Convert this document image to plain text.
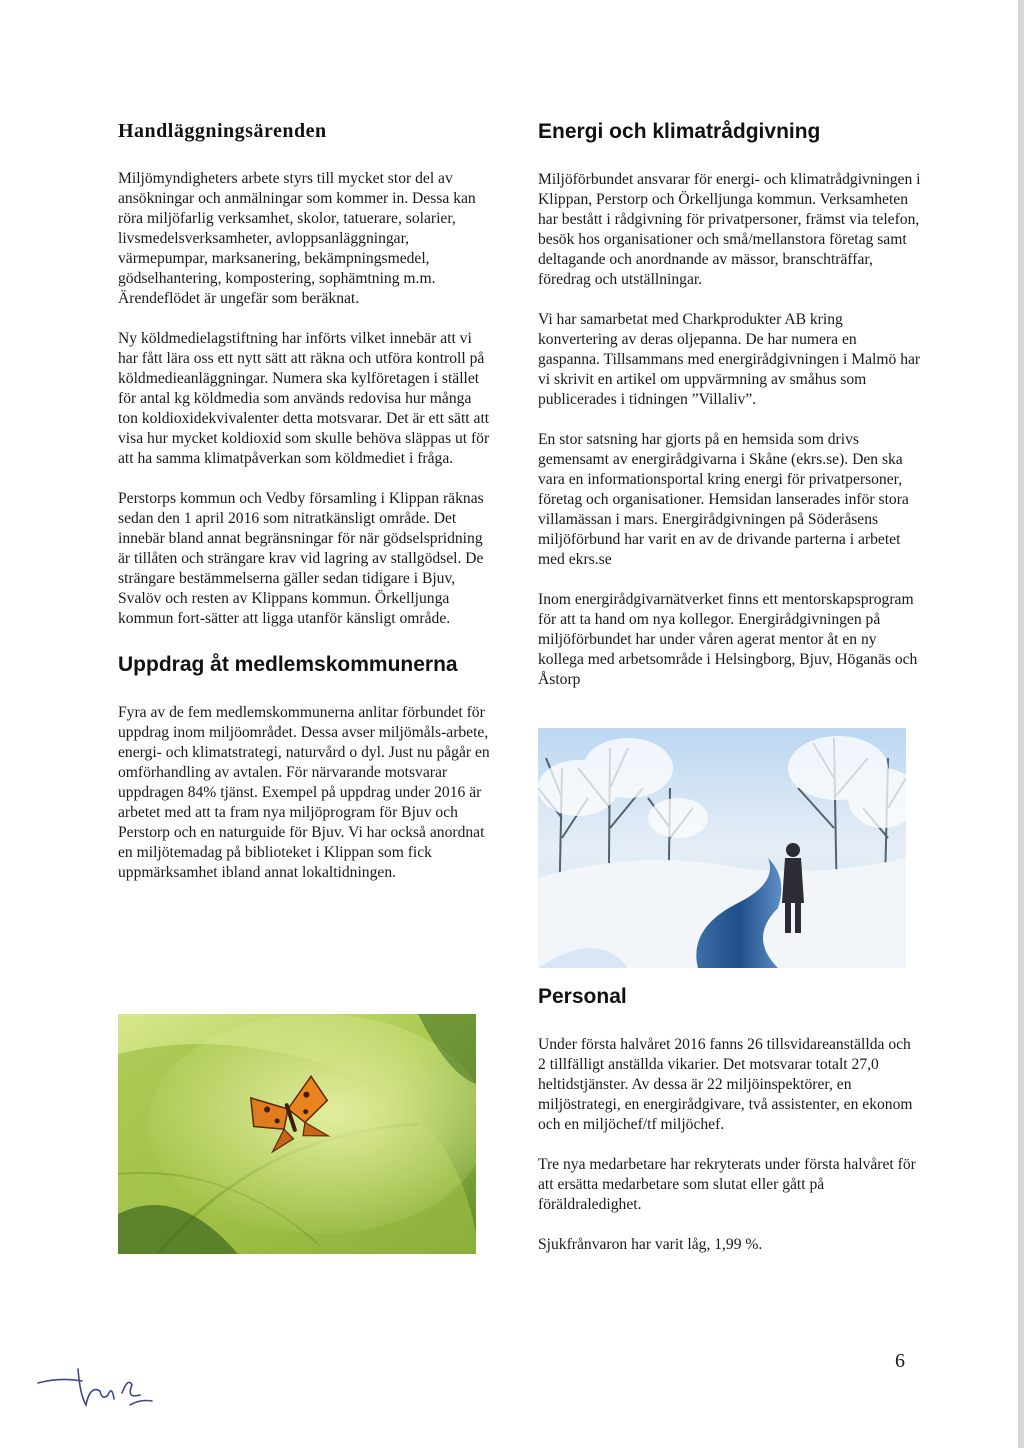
Handläggningsärenden

Miljömyndigheters arbete styrs till mycket stor del av ansökningar och anmälningar som kommer in. Dessa kan röra miljöfarlig verksamhet, skolor, tatuerare, solarier, livsmedelsverksamheter, avloppsanläggningar, värmepumpar, marksanering, bekämpningsmedel, gödselhantering, kompostering, sophämtning m.m. Ärendeflödet är ungefär som beräknat.

Ny köldmedielagstiftning har införts vilket innebär att vi har fått lära oss ett nytt sätt att räkna och utföra kontroll på köldmedieanläggningar. Numera ska kylföretagen i stället för antal kg köldmedia som används redovisa hur många ton koldioxidekvivalenter detta motsvarar. Det är ett sätt att visa hur mycket koldioxid som skulle behöva släppas ut för att ha samma klimatpåverkan som köldmediet i fråga.

Perstorps kommun och Vedby församling i Klippan räknas sedan den 1 april 2016 som nitratkänsligt område. Det innebär bland annat begränsningar för när gödselspridning är tillåten och strängare krav vid lagring av stallgödsel. De strängare bestämmelserna gäller sedan tidigare i Bjuv, Svalöv och resten av Klippans kommun. Örkelljunga kommun fort-sätter att ligga utanför känsligt område.

Uppdrag åt medlemskommunerna

Fyra av de fem medlemskommunerna anlitar förbundet för uppdrag inom miljöområdet. Dessa avser miljömåls-arbete, energi- och klimatstrategi, naturvård o dyl. Just nu pågår en omförhandling av avtalen. För närvarande motsvarar uppdragen 84% tjänst. Exempel på uppdrag under 2016 är arbetet med att ta fram nya miljöprogram för Bjuv och Perstorp och en naturguide för Bjuv. Vi har också anordnat en miljötemadag på biblioteket i Klippan som fick uppmärksamhet ibland annat lokaltidningen.

Energi och klimatrådgivning

Miljöförbundet ansvarar för energi- och klimatrådgivningen i Klippan, Perstorp och Örkelljunga kommun. Verksamheten har bestått i rådgivning för privatpersoner, främst via telefon, besök hos organisationer och små/mellanstora företag samt deltagande och anordnande av mässor, branschträffar, föredrag och utställningar.

Vi har samarbetat med Charkprodukter AB kring konvertering av deras oljepanna. De har numera en gaspanna. Tillsammans med energirådgivningen i Malmö har vi skrivit en artikel om uppvärmning av småhus som publicerades i tidningen ”Villaliv”.

En stor satsning har gjorts på en hemsida som drivs gemensamt av energirådgivarna i Skåne (ekrs.se). Den ska vara en informationsportal kring energi för privatpersoner, företag och organisationer. Hemsidan lanserades inför stora villamässan i mars. Energirådgivningen på Söderåsens miljöförbund har varit en av de drivande parterna i arbetet med ekrs.se

Inom energirådgivarnätverket finns ett mentorskapsprogram för att ta hand om nya kollegor. Energirådgivningen på miljöförbundet har under våren agerat mentor åt en ny kollega med arbetsområde i Helsingborg, Bjuv, Höganäs och Åstorp

Personal

Under första halvåret 2016 fanns 26 tillsvidareanställda och 2 tillfälligt anställda vikarier. Det motsvarar totalt 27,0 heltidstjänster. Av dessa är 22 miljöinspektörer, en miljöstrategi, en energirådgivare, två assistenter, en ekonom och en miljöchef/tf miljöchef.

Tre nya medarbetare har rekryterats under första halvåret för att ersätta medarbetare som slutat eller gått på föräldraledighet.

Sjukfrånvaron har varit låg, 1,99 %.

6
